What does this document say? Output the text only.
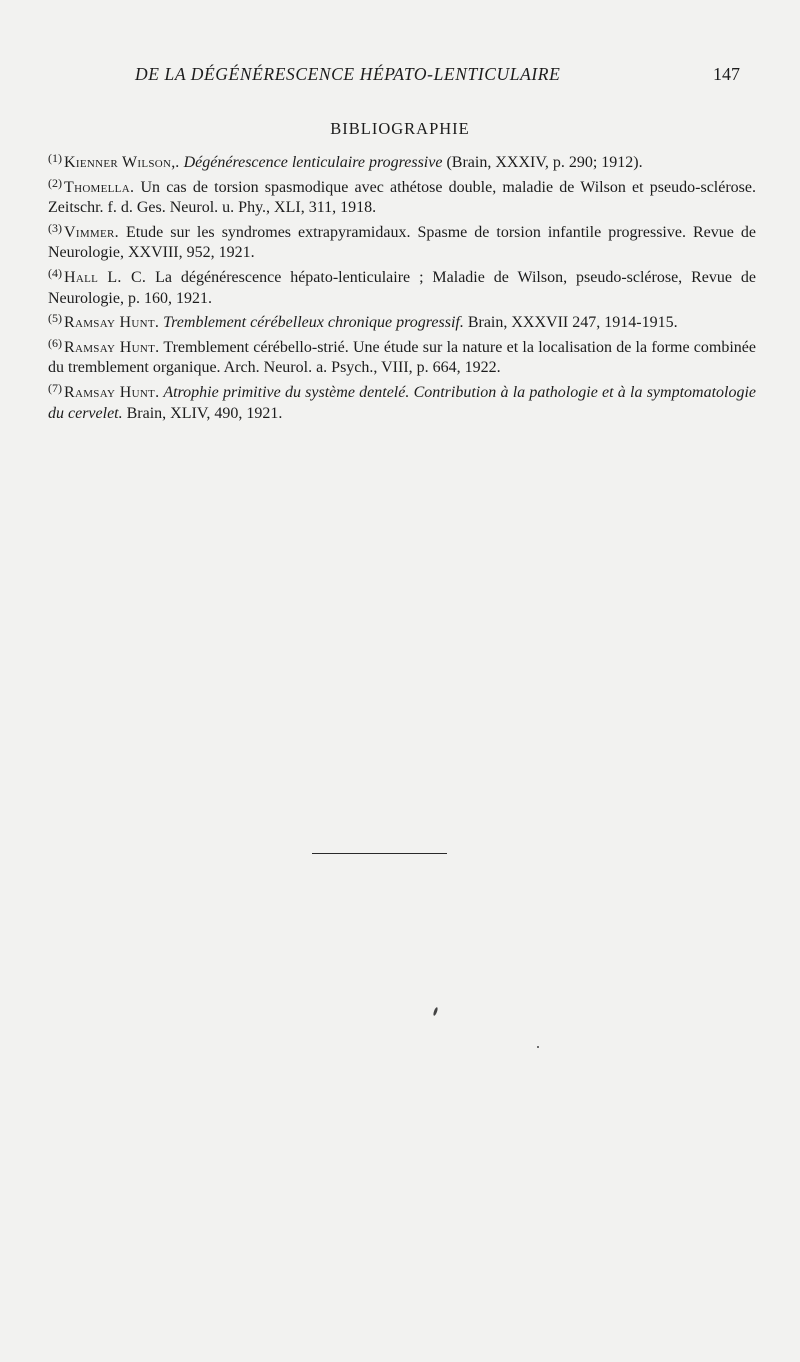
DE LA DÉGÉNÉRESCENCE HÉPATO-LENTICULAIRE	147
BIBLIOGRAPHIE

$^{(1)}$ Kienner Wilson,. Dégénérescence lenticulaire progressive (Brain, XXXIV, p. 290; 1912).

$^{(2)}$ Thomella. Un cas de torsion spasmodique avec athétose double, maladie de Wilson et pseudo-sclérose. Zeitschr. f. d. Ges. Neurol. u. Phy., XLI, 311, 1918.

$^{(3)}$ Vimmer. Etude sur les syndromes extrapyramidaux. Spasme de torsion infantile progressive. Revue de Neurologie, XXVIII, 952, 1921.

$^{(4)}$ Hall L. C. La dégénérescence hépato-lenticulaire ; Maladie de Wilson, pseudo-sclérose, Revue de Neurologie, p. 160, 1921.

$^{(5)}$ Ramsay Hunt. Tremblement cérébelleux chronique progressif. Brain, XXXVII 247, 1914-1915.

$^{(6)}$ Ramsay Hunt. Tremblement cérébello-strié. Une étude sur la nature et la localisation de la forme combinée du tremblement organique. Arch. Neurol. a. Psych., VIII, p. 664, 1922.

$^{(7)}$ Ramsay Hunt. Atrophie primitive du système dentelé. Contribution à la pathologie et à la symptomatologie du cervelet. Brain, XLIV, 490, 1921.
